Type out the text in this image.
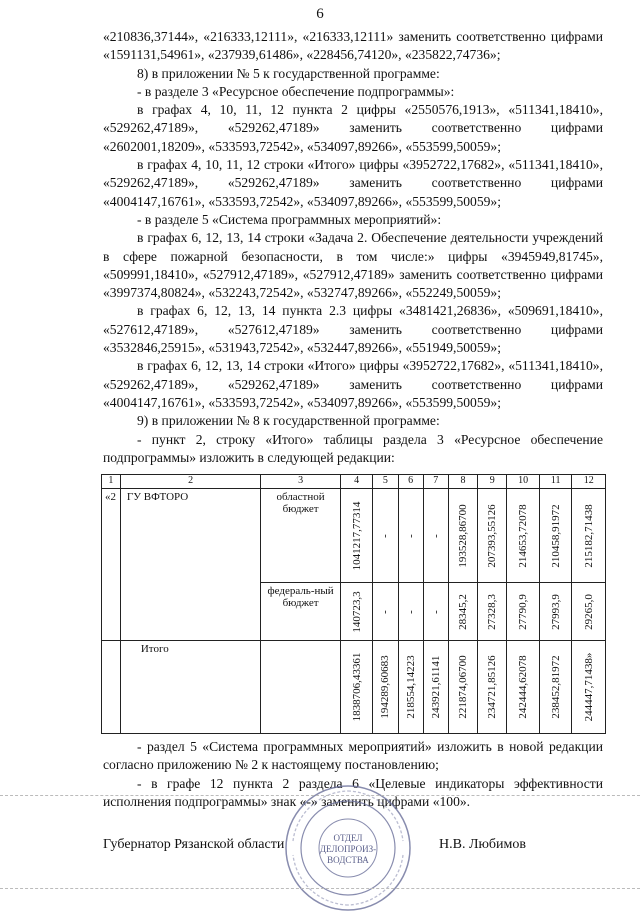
6

«210836,37144», «216333,12111», «216333,12111» заменить соответственно цифрами «1591131,54961», «237939,61486», «228456,74120», «235822,74736»;

8) в приложении № 5 к государственной программе:

- в разделе 3 «Ресурсное обеспечение подпрограммы»:

в графах 4, 10, 11, 12 пункта 2 цифры «2550576,1913», «511341,18410», «529262,47189», «529262,47189» заменить соответственно цифрами «2602001,18209», «533593,72542», «534097,89266», «553599,50059»;

в графах 4, 10, 11, 12 строки «Итого» цифры «3952722,17682», «511341,18410», «529262,47189», «529262,47189» заменить соответственно цифрами «4004147,16761», «533593,72542», «534097,89266», «553599,50059»;

- в разделе 5 «Система программных мероприятий»:

в графах 6, 12, 13, 14 строки «Задача 2. Обеспечение деятельности учреждений в сфере пожарной безопасности, в том числе:» цифры «3945949,81745», «509991,18410», «527912,47189», «527912,47189» заменить соответственно цифрами «3997374,80824», «532243,72542», «532747,89266», «552249,50059»;

в графах 6, 12, 13, 14 пункта 2.3 цифры «3481421,26836», «509691,18410», «527612,47189», «527612,47189» заменить соответственно цифрами «3532846,25915», «531943,72542», «532447,89266», «551949,50059»;

в графах 6, 12, 13, 14 строки «Итого» цифры «3952722,17682», «511341,18410», «529262,47189», «529262,47189» заменить соответственно цифрами «4004147,16761», «533593,72542», «534097,89266», «553599,50059»;

9) в приложении № 8 к государственной программе:

- пункт 2, строку «Итого» таблицы раздела 3 «Ресурсное обеспечение подпрограммы» изложить в следующей редакции:

1	2	3	4	5	6	7	8	9	10	11	12
«2	ГУ ВФТОРО	областной бюджет	1041217,77314	-	-	-	193528,86700	207393,55126	214653,72078	210458,91972	215182,71438

		федераль-ный бюджет	140723,3	-	-	-	28345,2	27328,3	27790,9	27993,9	29265,0

	Итого		1838706,43361	194289,60683	218554,14223	243921,61141	221874,06700	234721,85126	242444,62078	238452,81972	244447,71438»

- раздел 5 «Система программных мероприятий» изложить в новой редакции согласно приложению № 2 к настоящему постановлению;

- в графе 12 пункта 2 раздела 6 «Целевые индикаторы эффективности исполнения подпрограммы» знак «-» заменить цифрами «100».

Губернатор Рязанской области	Н.В. Любимов
ОТДЕЛ
ДЕЛОПРОИЗ-
ВОДСТВА
